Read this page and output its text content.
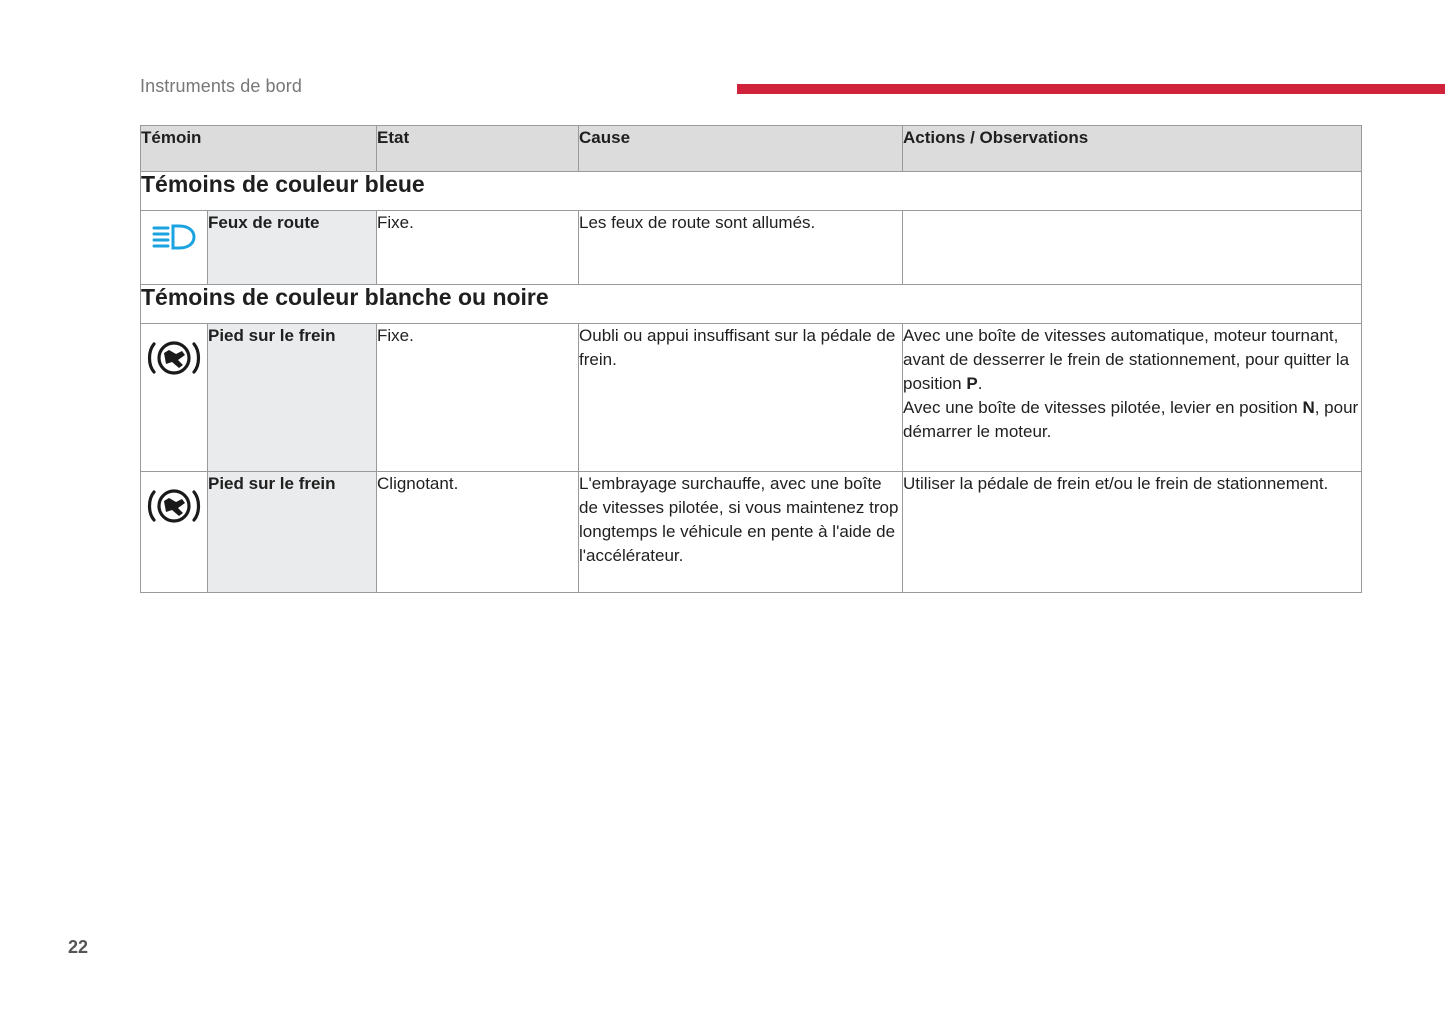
Instruments de bord
Témoin		Etat	Cause	Actions / Observations
Témoins de couleur bleue				
	Feux de route	Fixe.	Les feux de route sont allumés.	
Témoins de couleur blanche ou noire				
	Pied sur le frein	Fixe.	Oubli ou appui insuffisant sur la pédale de frein.	Avec une boîte de vitesses automatique, moteur tournant, avant de desserrer le frein de stationnement, pour quitter la position P.
Avec une boîte de vitesses pilotée, levier en position N, pour démarrer le moteur.

	Pied sur le frein	Clignotant.	L'embrayage surchauffe, avec une boîte de vitesses pilotée, si vous maintenez trop longtemps le véhicule en pente à l'aide de l'accélérateur.	Utiliser la pédale de frein et/ou le frein de stationnement.
22
